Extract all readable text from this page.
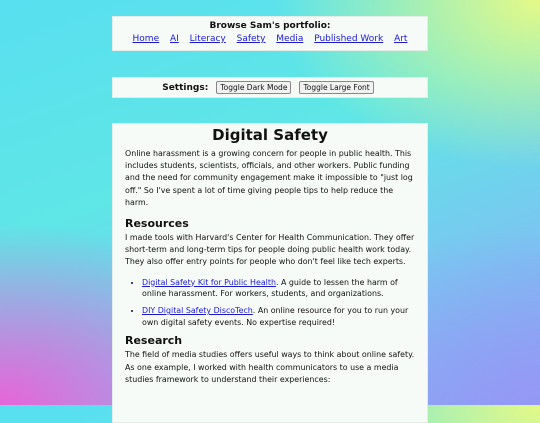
Browse Sam's portfolio:
Home AI Literacy Safety Media Published Work Art
Settings:	Toggle Dark Mode	Toggle Large Font
Digital Safety

Online harassment is a growing concern for people in public health. This includes students, scientists, officials, and other workers. Public funding and the need for community engagement make it impossible to "just log off." So I've spent a lot of time giving people tips to help reduce the harm.

Resources

I made tools with Harvard's Center for Health Communication. They offer short-term and long-term tips for people doing public health work today. They also offer entry points for people who don't feel like tech experts.

• Digital Safety Kit for Public Health. A guide to lessen the harm of online harassment. For workers, students, and organizations.
• DIY Digital Safety DiscoTech. An online resource for you to run your own digital safety events. No expertise required!
Research

The field of media studies offers useful ways to think about online safety. As one example, I worked with health communicators to use a media studies framework to understand their experiences:
